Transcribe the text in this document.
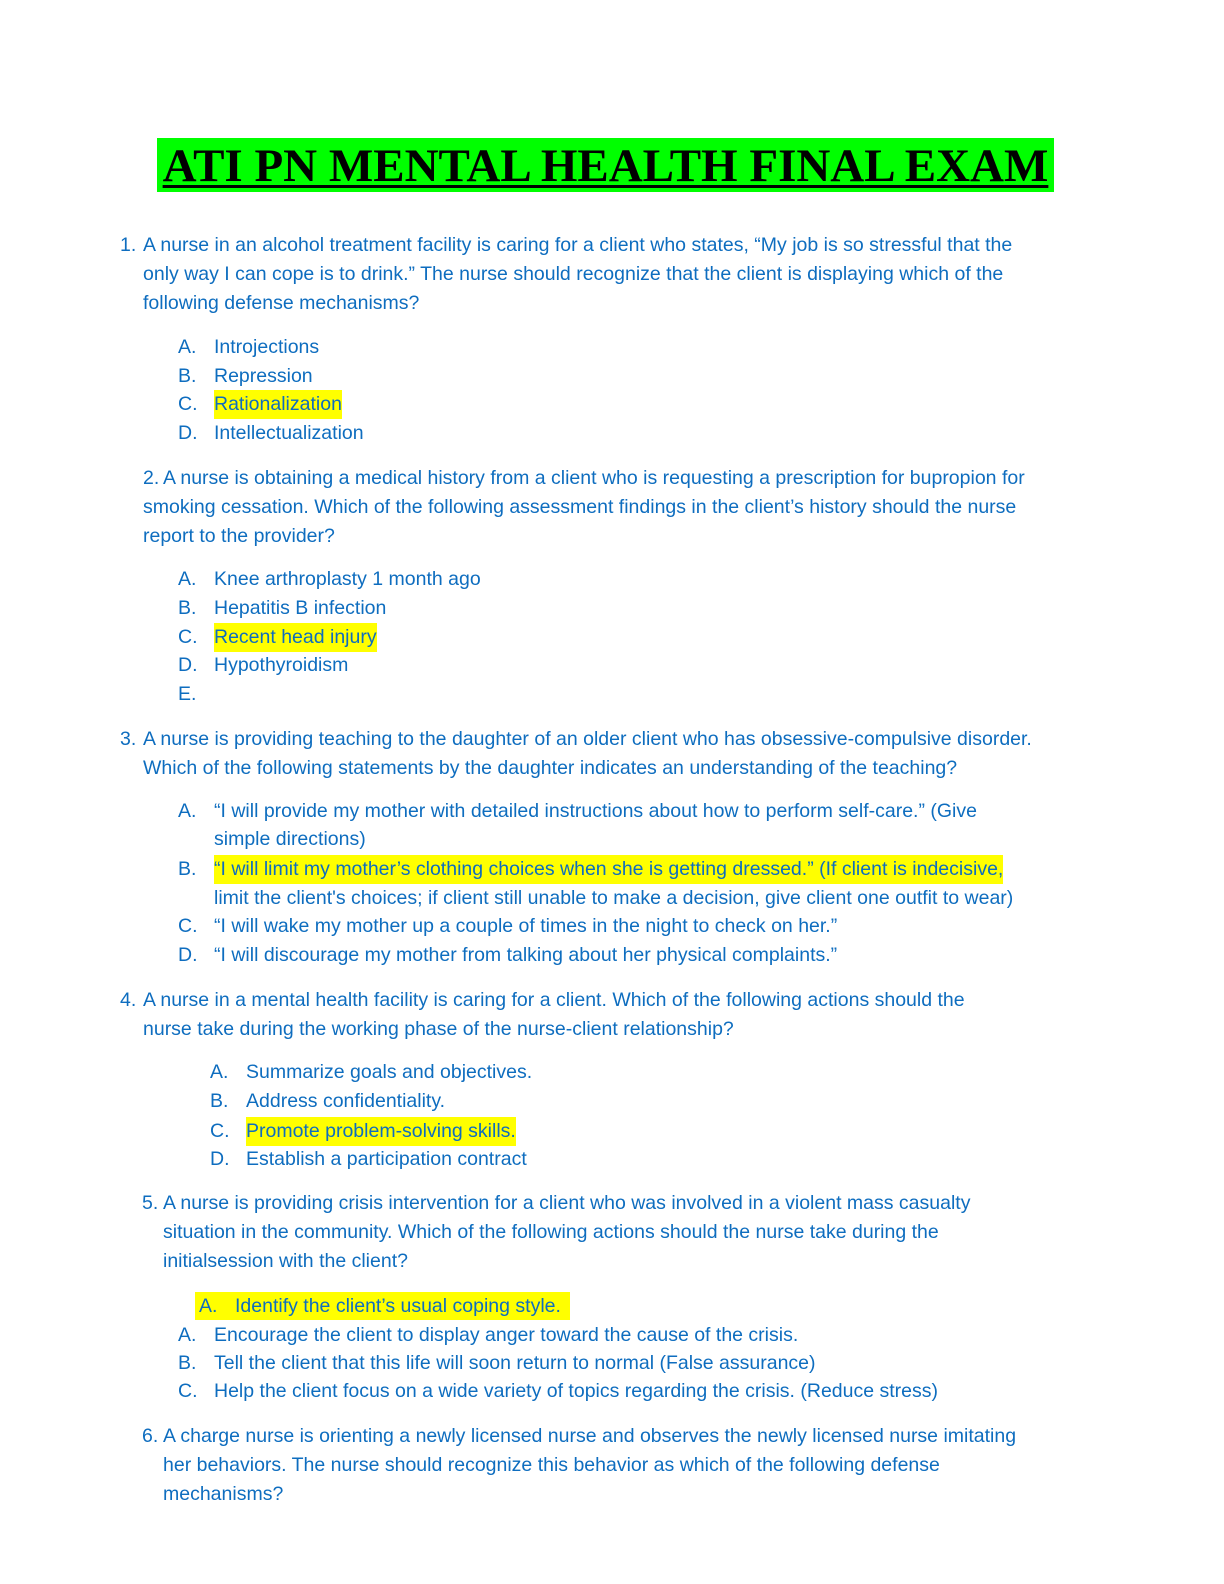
ATI PN MENTAL HEALTH FINAL EXAM
1. A nurse in an alcohol treatment facility is caring for a client who states, “My job is so stressful that the
only way I can cope is to drink.” The nurse should recognize that the client is displaying which of the
following defense mechanisms?
A. Introjections
B. Repression
C. Rationalization
D. Intellectualization
2. A nurse is obtaining a medical history from a client who is requesting a prescription for bupropion for
smoking cessation. Which of the following assessment findings in the client’s history should the nurse
report to the provider?
A. Knee arthroplasty 1 month ago
B. Hepatitis B infection
C. Recent head injury
D. Hypothyroidism
E.
3. A nurse is providing teaching to the daughter of an older client who has obsessive-compulsive disorder.
Which of the following statements by the daughter indicates an understanding of the teaching?
A. “I will provide my mother with detailed instructions about how to perform self-care.” (Give
simple directions)
B. “I will limit my mother’s clothing choices when she is getting dressed.” (If client is indecisive,
limit the client's choices; if client still unable to make a decision, give client one outfit to wear)
C. “I will wake my mother up a couple of times in the night to check on her.”
D. “I will discourage my mother from talking about her physical complaints.”
4. A nurse in a mental health facility is caring for a client. Which of the following actions should the
nurse take during the working phase of the nurse-client relationship?
A. Summarize goals and objectives.
B. Address confidentiality.
C. Promote problem-solving skills.
D. Establish a participation contract
5. A nurse is providing crisis intervention for a client who was involved in a violent mass casualty
situation in the community. Which of the following actions should the nurse take during the
initialsession with the client?
A. Identify the client’s usual coping style.
A. Encourage the client to display anger toward the cause of the crisis.
B. Tell the client that this life will soon return to normal (False assurance)
C. Help the client focus on a wide variety of topics regarding the crisis. (Reduce stress)
6. A charge nurse is orienting a newly licensed nurse and observes the newly licensed nurse imitating
her behaviors. The nurse should recognize this behavior as which of the following defense
mechanisms?
